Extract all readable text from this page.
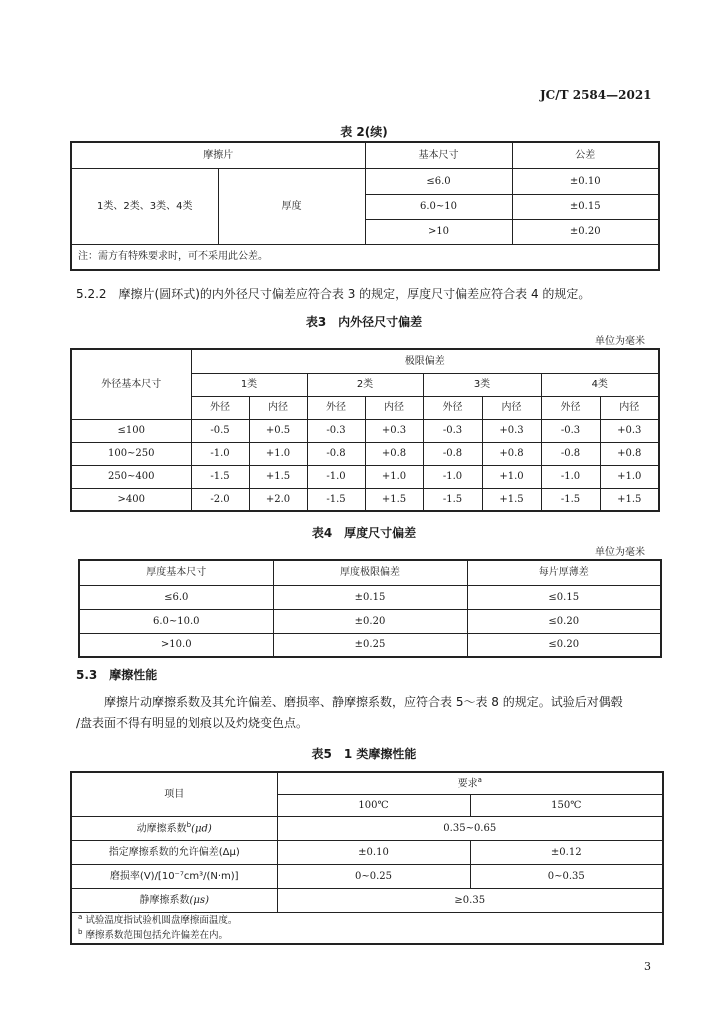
JC/T 2584—2021
表 2(续)
摩擦片		基本尺寸	公差
1类、2类、3类、4类	厚度	≤6.0	±0.10
		6.0~10	±0.15
		>10	±0.20
注：需方有特殊要求时，可不采用此公差。			
5.2.2　摩擦片(圆环式)的内外径尺寸偏差应符合表 3 的规定，厚度尺寸偏差应符合表 4 的规定。
表3　内外径尺寸偏差
单位为毫米
外径基本尺寸	极限偏差							
	1类		2类		3类		4类	
	外径	内径	外径	内径	外径	内径	外径	内径
≤100	-0.5	+0.5	-0.3	+0.3	-0.3	+0.3	-0.3	+0.3
100~250	-1.0	+1.0	-0.8	+0.8	-0.8	+0.8	-0.8	+0.8
250~400	-1.5	+1.5	-1.0	+1.0	-1.0	+1.0	-1.0	+1.0
>400	-2.0	+2.0	-1.5	+1.5	-1.5	+1.5	-1.5	+1.5
表4　厚度尺寸偏差
单位为毫米
厚度基本尺寸	厚度极限偏差	每片厚薄差
≤6.0	±0.15	≤0.15
6.0~10.0	±0.20	≤0.20
>10.0	±0.25	≤0.20
5.3　摩擦性能
摩擦片动摩擦系数及其允许偏差、磨损率、静摩擦系数，应符合表 5～表 8 的规定。试验后对偶毂
/盘表面不得有明显的划痕以及灼烧变色点。
表5　1 类摩擦性能
项目	要求$^a$
	100℃	150℃
动摩擦系数$^b$(μd)	0.35~0.65	
指定摩擦系数的允许偏差(Δμ)	±0.10	±0.12
磨损率(V)/[10⁻⁷cm³/(N·m)]	0~0.25	0~0.35
静摩擦系数(μs)	≥0.35	

$^a$ 试验温度指试验机圆盘摩擦面温度。
$^b$ 摩擦系数范围包括允许偏差在内。		
3
